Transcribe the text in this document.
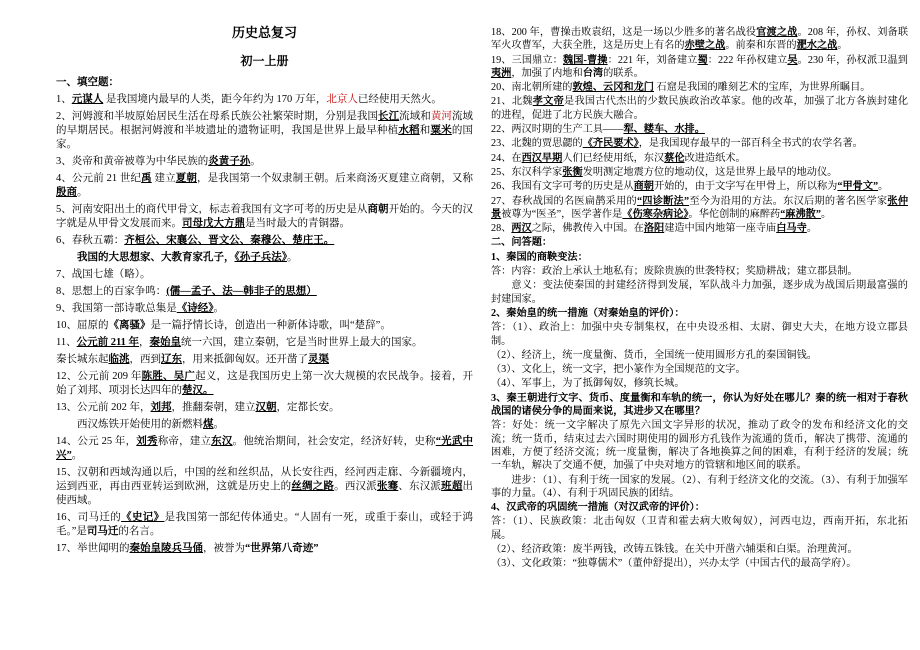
历史总复习

初一上册

一、填空题：

1、元谋人 是我国境内最早的人类，距今年约为 170 万年，北京人已经使用天然火。

2、河姆渡和半坡原始居民生活在母系氏族公社繁荣时期，分别是我国长江流域和黄河流域的早期居民。根据河姆渡和半坡遗址的遗物证明，我国是世界上最早种植水稻和粟米的国家。

3、炎帝和黄帝被尊为中华民族的炎黄子孙。

4、公元前 21 世纪禹 建立夏朝，是我国第一个奴隶制王朝。后来商汤灭夏建立商朝，又称殷商。

5、河南安阳出土的商代甲骨文，标志着我国有文字可考的历史是从商朝开始的。今天的汉字就是从甲骨文发展而来。司母戊大方鼎是当时最大的青铜器。

6、春秋五霸：齐桓公、宋襄公、晋文公、秦穆公、楚庄王。

我国的大思想家、大教育家孔子，《孙子兵法》。

7、战国七雄（略）。

8、思想上的百家争鸣：(儒—孟子、法—韩非子的思想）

9、我国第一部诗歌总集是《诗经》。

10、屈原的《离骚》是一篇抒情长诗，创造出一种新体诗歌，叫“楚辞”。

11、公元前 211 年，秦始皇统一六国，建立秦朝，它是当时世界上最大的国家。

秦长城东起临洮，西到辽东，用来抵御匈奴。还开凿了灵渠

12、公元前 209 年陈胜、吴广起义，这是我国历史上第一次大规模的农民战争。接着，开始了刘邦、项羽长达四年的楚汉。

13、公元前 202 年，刘邦，推翻秦朝，建立汉朝，定都长安。

西汉炼铁开始使用的新燃料煤。

14、公元 25 年，刘秀称帝，建立东汉。他统治期间，社会安定，经济好转，史称“光武中兴”。

15、汉朝和西域沟通以后，中国的丝和丝织品，从长安往西，经河西走廊、今新疆境内，运到西亚，再由西亚转运到欧洲，这就是历史上的丝绸之路。西汉派张骞、东汉派班超出使西域。

16、司马迁的《史记》是我国第一部纪传体通史。“人固有一死，或重于泰山，或轻于鸿毛。”是司马迁的名言。

17、举世闻明的秦始皇陵兵马俑，被誉为“世界第八奇迹”

18、200 年，曹操击败袁绍，这是一场以少胜多的著名战役官渡之战。208 年，孙权、刘备联军火攻曹军，大获全胜，这是历史上有名的赤壁之战。前秦和东晋的淝水之战。

19、三国鼎立：魏国-曹操：221 年，刘备建立蜀：222 年孙权建立吴。230 年，孙权派卫温到夷洲，加强了内地和台湾的联系。

20、南北朝所建的敦煌、云冈和龙门 石窟是我国的雕刻艺术的宝库，为世界所瞩目。

21、北魏孝文帝是我国古代杰出的少数民族政治改革家。他的改革，加强了北方各族封建化的进程，促进了北方民族大融合。

22、两汉时期的生产工具——犁、耧车、水排。

23、北魏的贾思勰的《齐民要术》，是我国现存最早的一部百科全书式的农学名著。

24、在西汉早期人们已经使用纸，东汉蔡伦改进造纸术。

25、东汉科学家张衡发明测定地震方位的地动仪，这是世界上最早的地动仪。

26、我国有文字可考的历史是从商朝开始的，由于文字写在甲骨上，所以称为“甲骨文”。

27、春秋战国的名医扁鹊采用的“四诊断法”至今为沿用的方法。东汉后期的著名医学家张仲景被尊为“医圣”，医学著作是《伤寒杂病论》。华佗创制的麻醉药“麻沸散”。

28、两汉之际，佛教传入中国。在洛阳建造中国内地第一座寺庙白马寺。

二、问答题：

1、秦国的商鞅变法：

答：内容：政治上承认土地私有；废除贵族的世袭特权；奖励耕战；建立郡县制。

意义：变法使秦国的封建经济得到发展，军队战斗力加强，逐步成为战国后期最富强的封建国家。

2、秦始皇的统一措施（对秦始皇的评价）：

答：（1）、政治上：加强中央专制集权，在中央设丞相、太尉、御史大夫，在地方设立郡县制。

（2）、经济上，统一度量衡、货币，全国统一使用圆形方孔的秦国铜钱。

（3）、文化上，统一文字，把小篆作为全国规范的文字。

（4）、军事上，为了抵御匈奴，修筑长城。

3、秦王朝进行文字、货币、度量衡和车轨的统一，你认为好处在哪儿？秦的统一相对于春秋战国的诸侯分争的局面来说，其进步又在哪里？

答：好处：统一文字解决了原先六国文字异形的状况，推动了政令的发布和经济文化的交流；统一货币，结束过去六国时期使用的圆形方孔钱作为流通的货币，解决了携带、流通的困难，方便了经济交流；统一度量衡，解决了各地换算之间的困难，有利于经济的发展；统一车轨，解决了交通不便，加强了中央对地方的管辖和地区间的联系。

进步：（1）、有利于统一国家的发展。（2）、有利于经济文化的交流。（3）、有利于加强军事的力量。（4）、有利于巩固民族的团结。

4、汉武帝的巩固统一措施（对汉武帝的评价）：

答：（1）、民族政策：北击匈奴（卫青和霍去病大败匈奴），河西屯边，西南开拓，东北拓展。

（2）、经济政策：废半两钱，改铸五铢钱。在关中开凿六辅渠和白渠。治理黄河。

（3）、文化政策：“独尊儒术”（董仲舒提出），兴办太学（中国古代的最高学府）。
